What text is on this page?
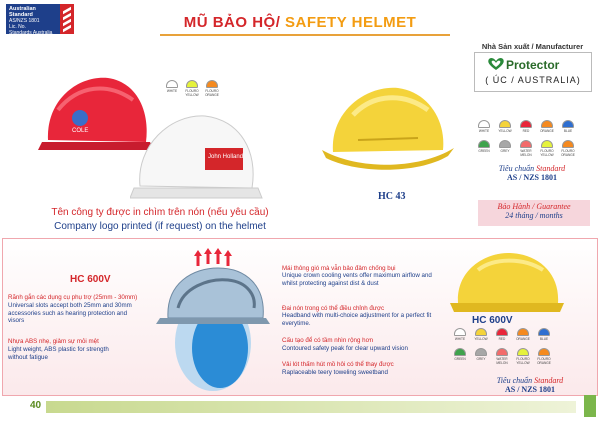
Australian
Standard
AS/NZS 1801
Lic. No.
Standards Australia
MŨ BẢO HỘ/ SAFETY HELMET
Nhà Sản xuất / Manufacturer
Protector
( ÚC / AUSTRALIA)
WHITE	FLOURO YELLOW
FLOURO ORANGE
COLE
John Holland
Tên công ty được in chìm trên nón (nếu yêu cầu)
Company logo printed (if request) on the helmet
HC 43
WHITE	YELLOW	RED	ORANGE	BLUE
GREEN	GREY	WATER MELON
FLOURO YELLOW
FLOURO ORANGE
Tiêu chuẩn Standard
AS / NZS 1801
Bảo Hành / Guarantee
24 tháng / months
HC 600V
Rãnh gắn các dụng cụ phụ trợ (25mm - 30mm)
Universal slots accept both 25mm and 30mm accessories such as hearing protection and visors
Nhựa ABS nhẹ, giảm sự mỏi mệt
Light weight, ABS plastic for strength without fatigue
Mái thông gió mà vẫn bảo đảm chống bụi
Unique crown cooling vents offer maximum airflow and whilst protecting against dist & dust
Đai nón trong có thể điều chỉnh được
Headband with multi-choice adjustment for a perfect fit everytime.
Cấu tạo để có tầm nhìn rộng hơn
Contoured safety peak for clear upward vision
Vải lót thấm hút mồ hôi có thể thay được
Raplaceable teery toweling sweetband
HC 600V
WHITE	YELLOW	RED	ORANGE	BLUE
GREEN	GREY	WATER MELON
FLOURO YELLOW
FLOURO ORANGE
Tiêu chuẩn Standard
AS / NZS 1801
40
